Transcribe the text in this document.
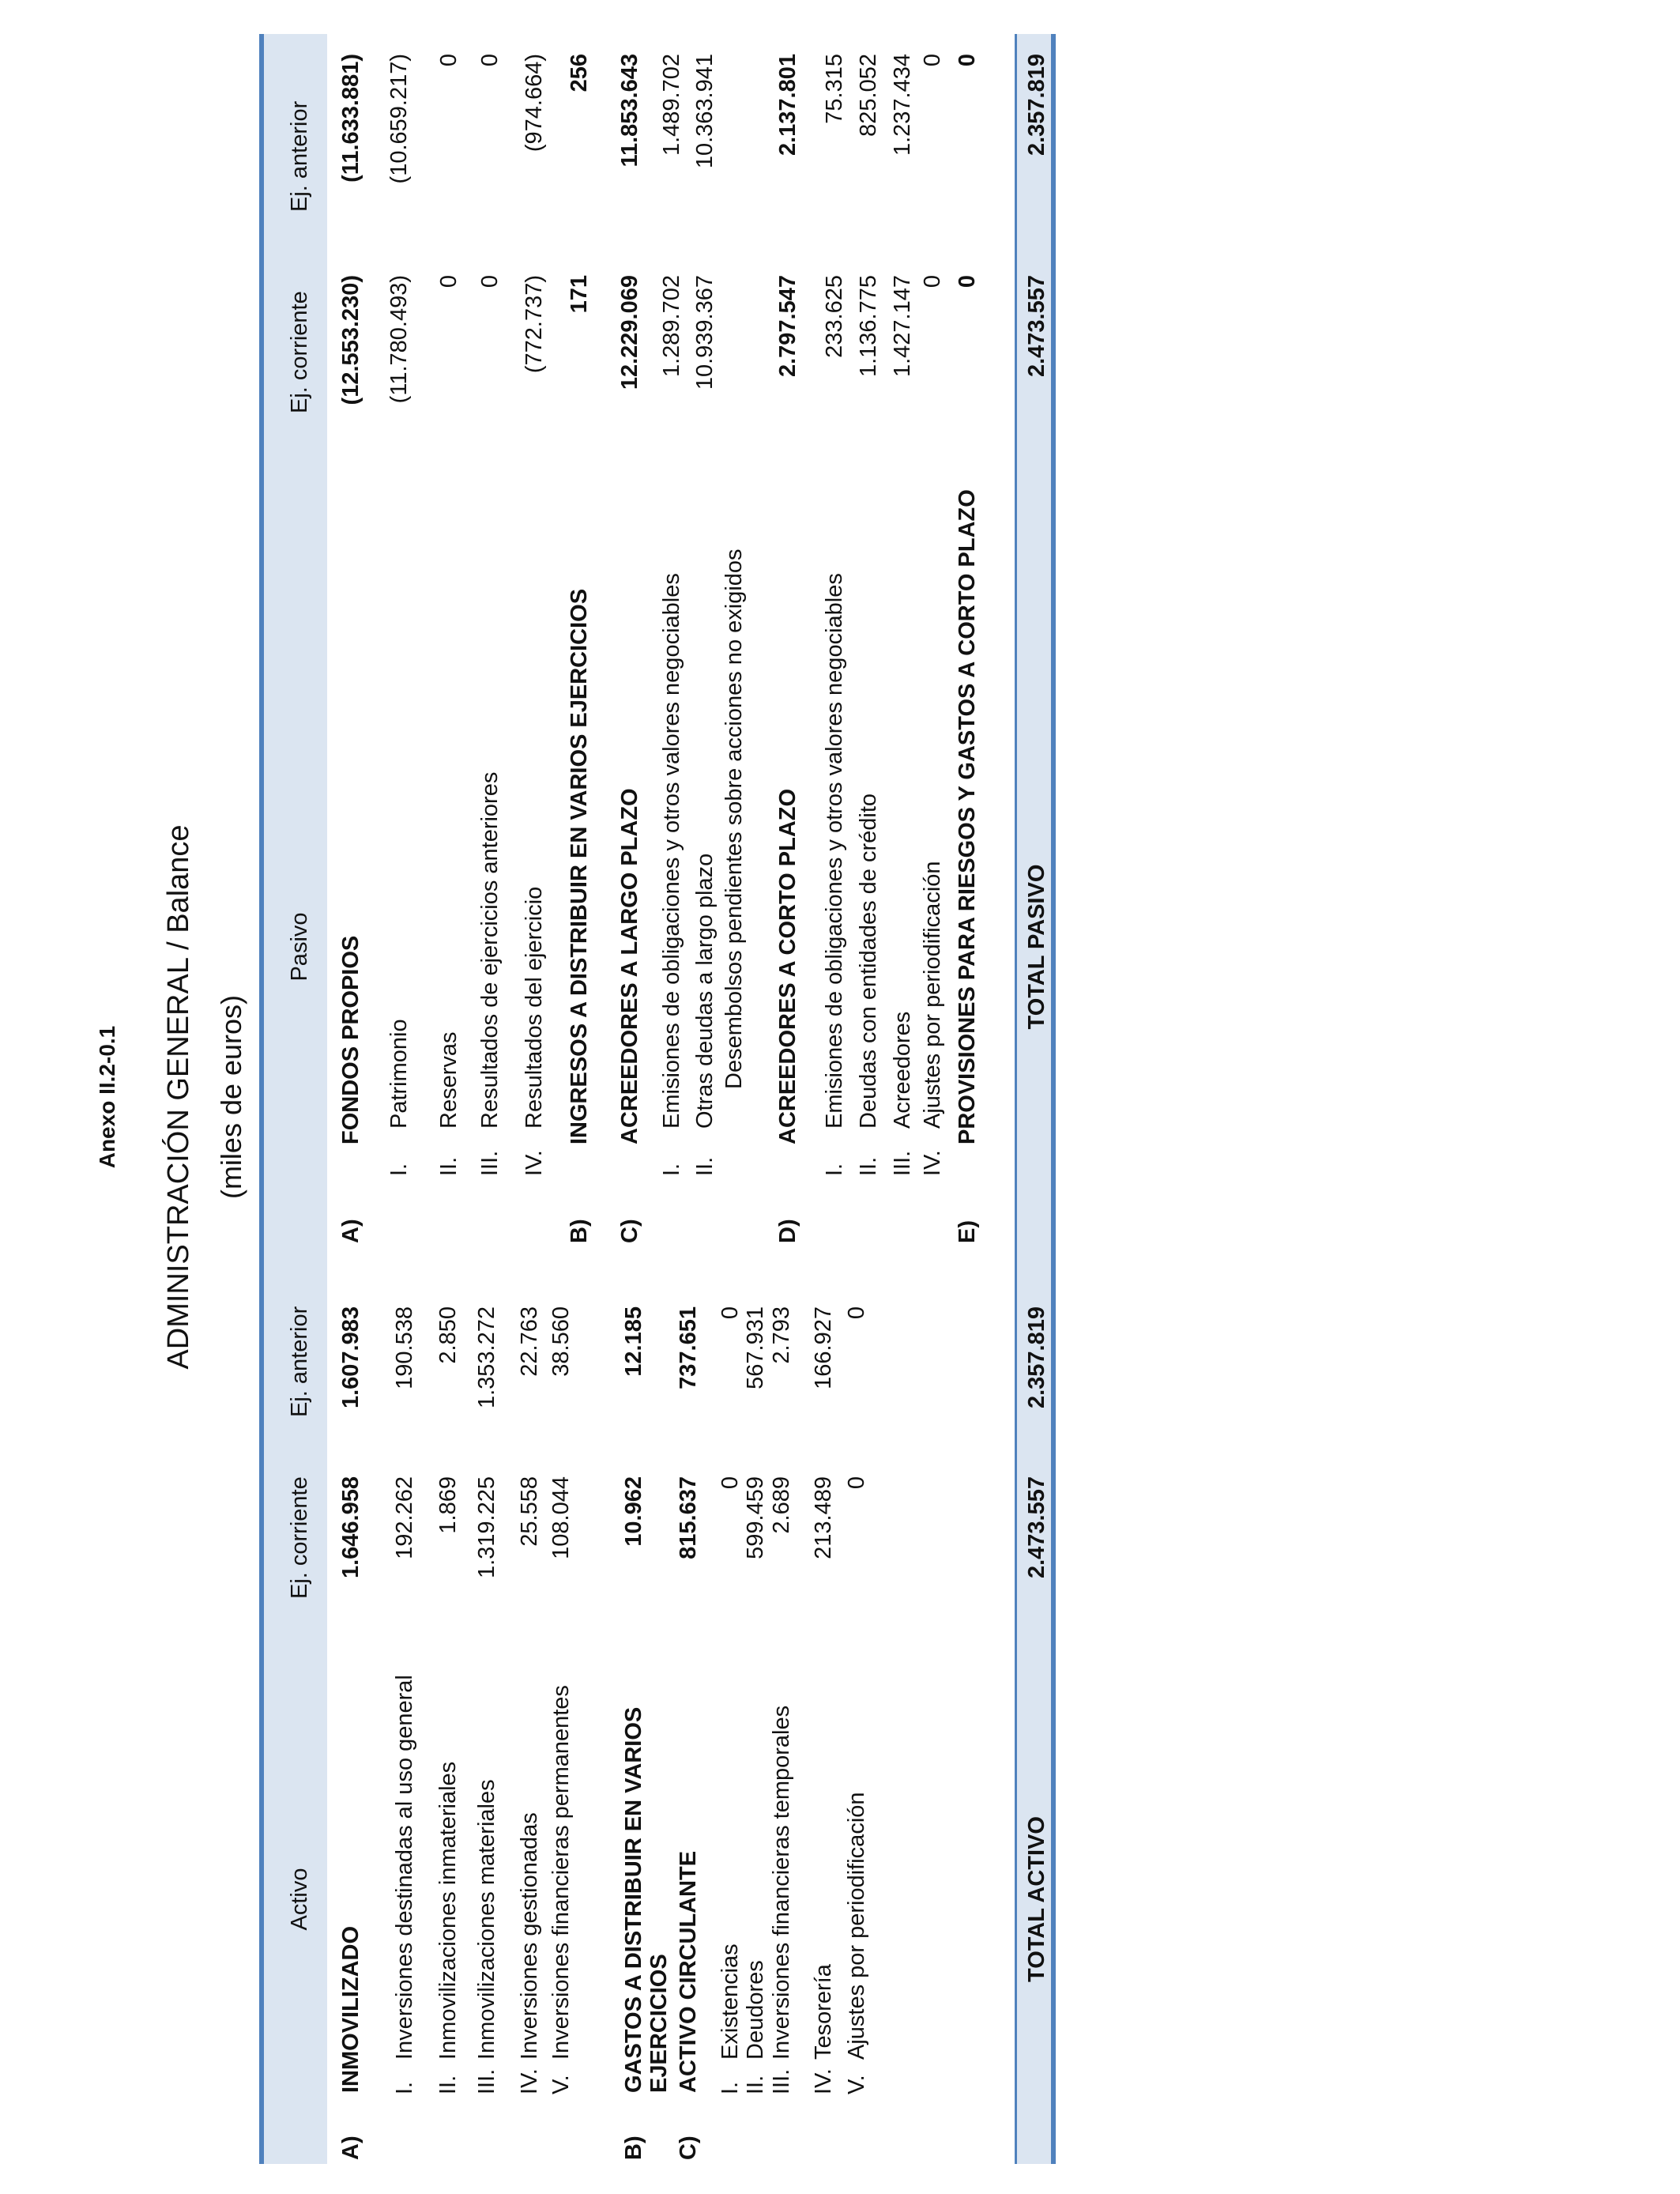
Anexo II.2-0.1 ADMINISTRACIÓN GENERAL / Balance (miles de euros)
Activo
Ej. corriente
Ej. anterior
Pasivo
Ej. corriente
Ej. anterior
A)
INMOVILIZADO
1.646.958
1.607.983
I.
Inversiones destinadas al uso general
192.262
190.538
II.
Inmovilizaciones inmateriales
1.869
2.850
III.
Inmovilizaciones materiales
1.319.225
1.353.272
IV.
Inversiones gestionadas
25.558
22.763
V.
Inversiones financieras permanentes
108.044
38.560
B)
GASTOS A DISTRIBUIR EN VARIOS EJERCICIOS
10.962
12.185
C)
ACTIVO CIRCULANTE
815.637
737.651
I.
Existencias
0
0
II.
Deudores
599.459
567.931
III.
Inversiones financieras temporales
2.689
2.793
IV.
Tesorería
213.489
166.927
V.
Ajustes por periodificación
0
0
A)
FONDOS PROPIOS
(12.553.230)
(11.633.881)
I.
Patrimonio
(11.780.493)
(10.659.217)
II.
Reservas
0
0
III.
Resultados de ejercicios anteriores
0
0
IV.
Resultados del ejercicio
(772.737)
(974.664)
B)
INGRESOS A DISTRIBUIR EN VARIOS EJERCICIOS
171
256
C)
ACREEDORES A LARGO PLAZO
12.229.069
11.853.643
I.
Emisiones de obligaciones y otros valores negociables
1.289.702
1.489.702
II.
Otras deudas a largo plazo
10.939.367
10.363.941
Desembolsos pendientes sobre acciones no exigidos
D)
ACREEDORES A CORTO PLAZO
2.797.547
2.137.801
I.
Emisiones de obligaciones y otros valores negociables
233.625
75.315
II.
Deudas con entidades de crédito
1.136.775
825.052
III.
Acreedores
1.427.147
1.237.434
IV.
Ajustes por periodificación
0
0
E)
PROVISIONES PARA RIESGOS Y GASTOS A CORTO PLAZO
0
0
TOTAL ACTIVO
2.473.557
2.357.819
TOTAL PASIVO
2.473.557
2.357.819
